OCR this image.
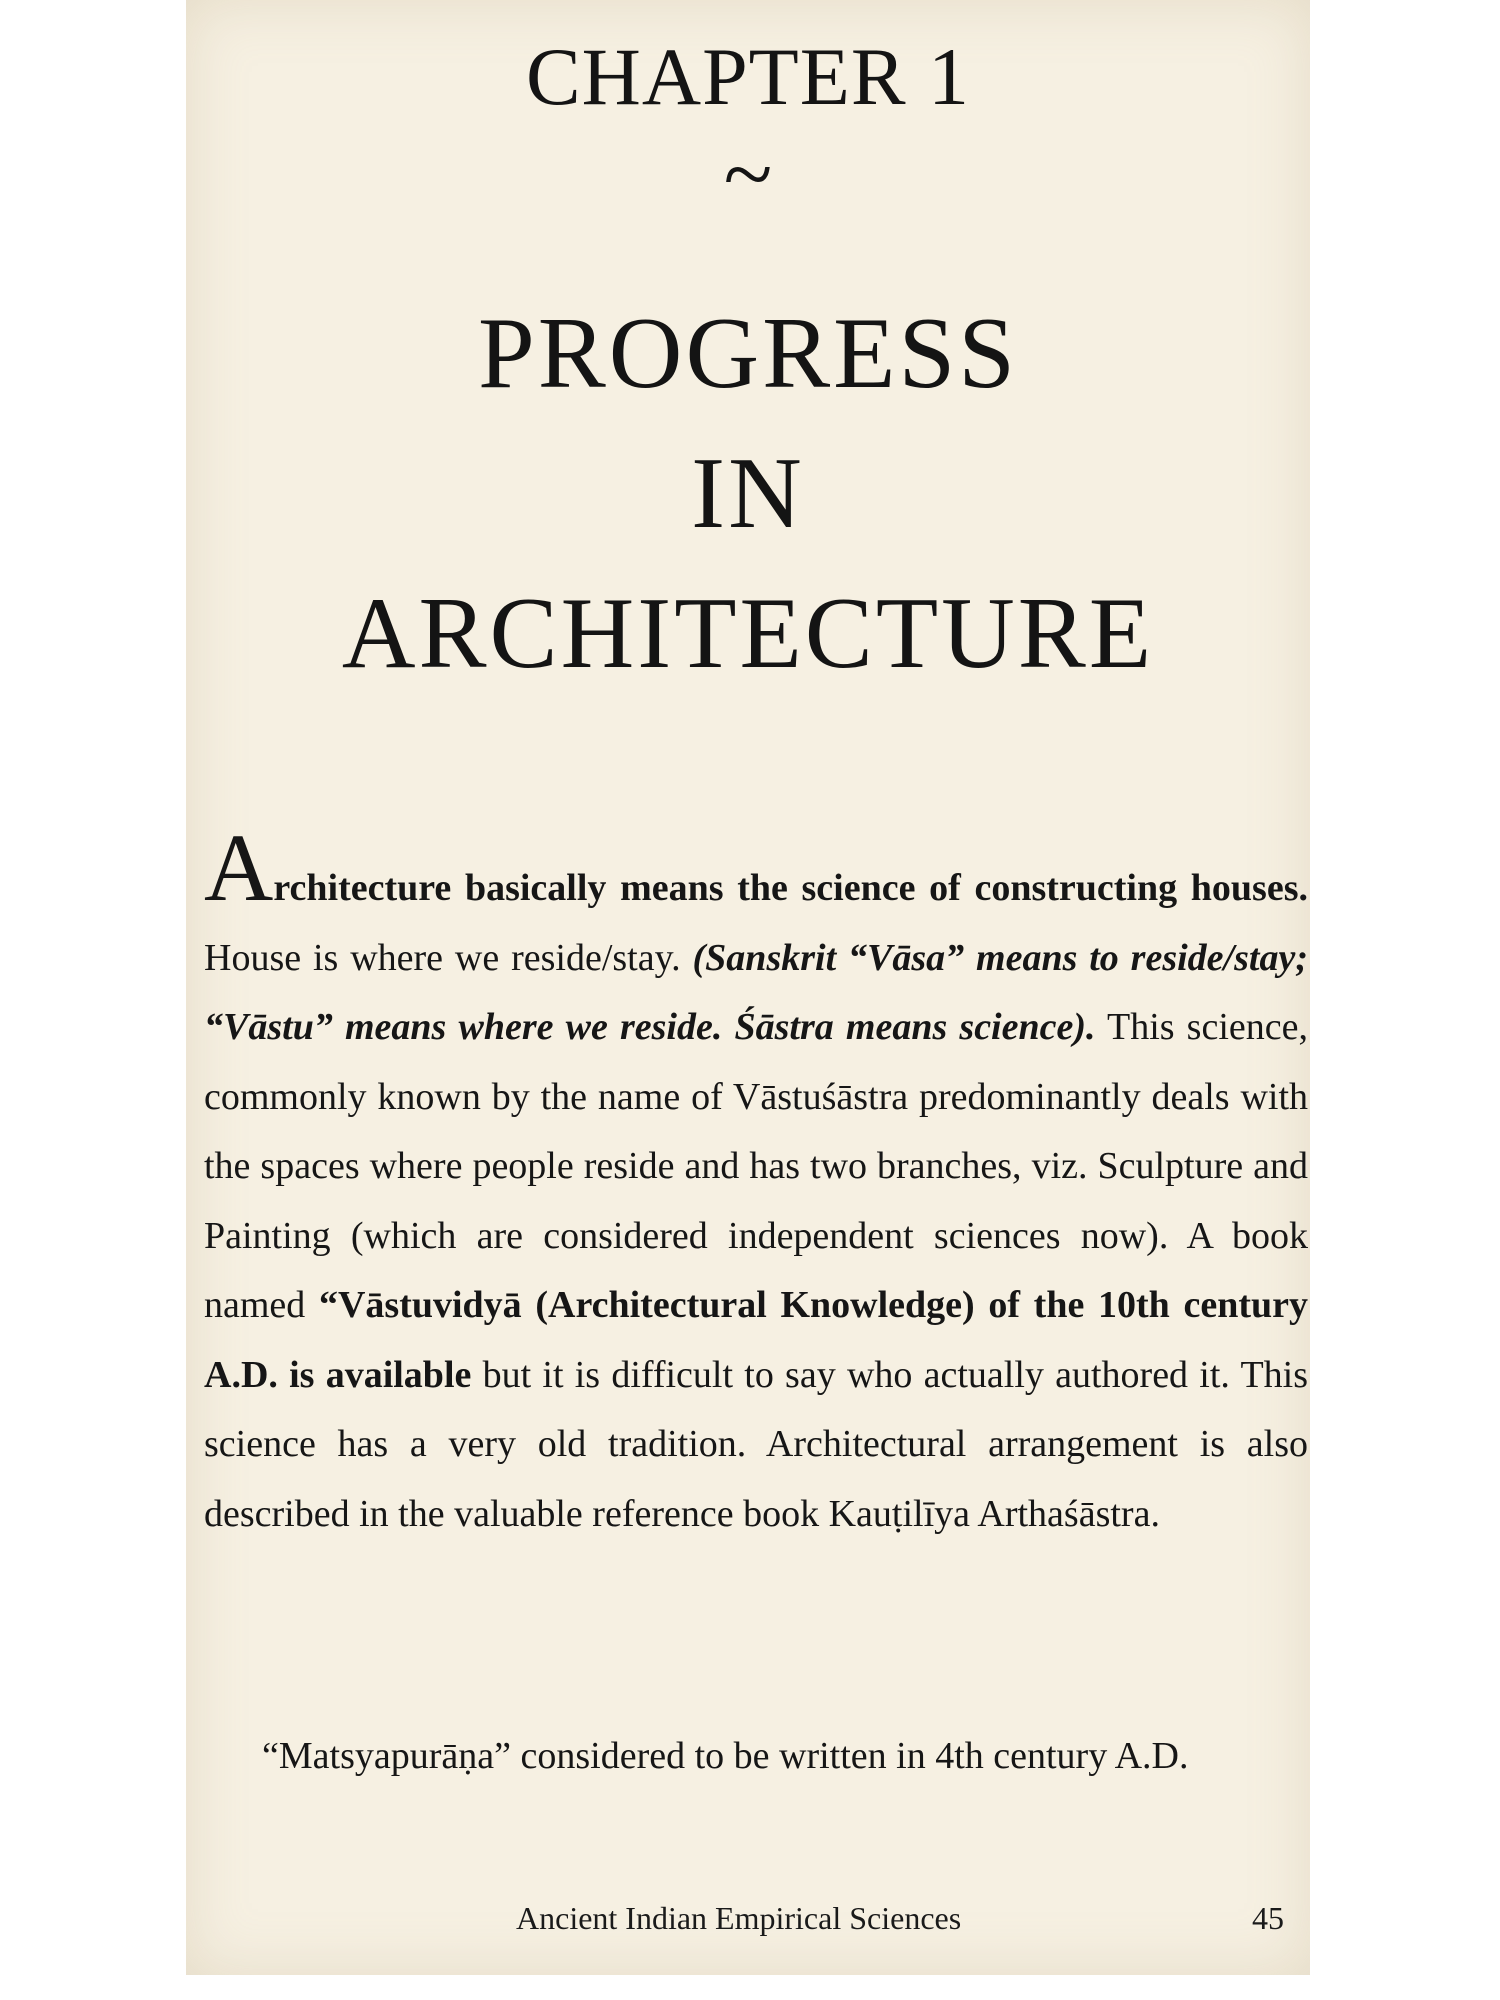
CHAPTER 1
~
PROGRESS
IN
ARCHITECTURE

Architecture basically means the science of constructing houses. House is where we reside/stay. (Sanskrit “Vāsa” means to reside/stay; “Vāstu” means where we reside. Śāstra means science). This science, commonly known by the name of Vāstuśāstra predominantly deals with the spaces where people reside and has two branches, viz. Sculpture and Painting (which are considered independent sciences now). A book named “Vāstuvidyā (Architectural Knowledge) of the 10th century A.D. is available but it is difficult to say who actually authored it. This science has a very old tradition. Architectural arrangement is also described in the valuable reference book Kauṭilīya Arthaśāstra.

“Matsyapurāṇa” considered to be written in 4th century A.D.

Ancient Indian Empirical Sciences	45
